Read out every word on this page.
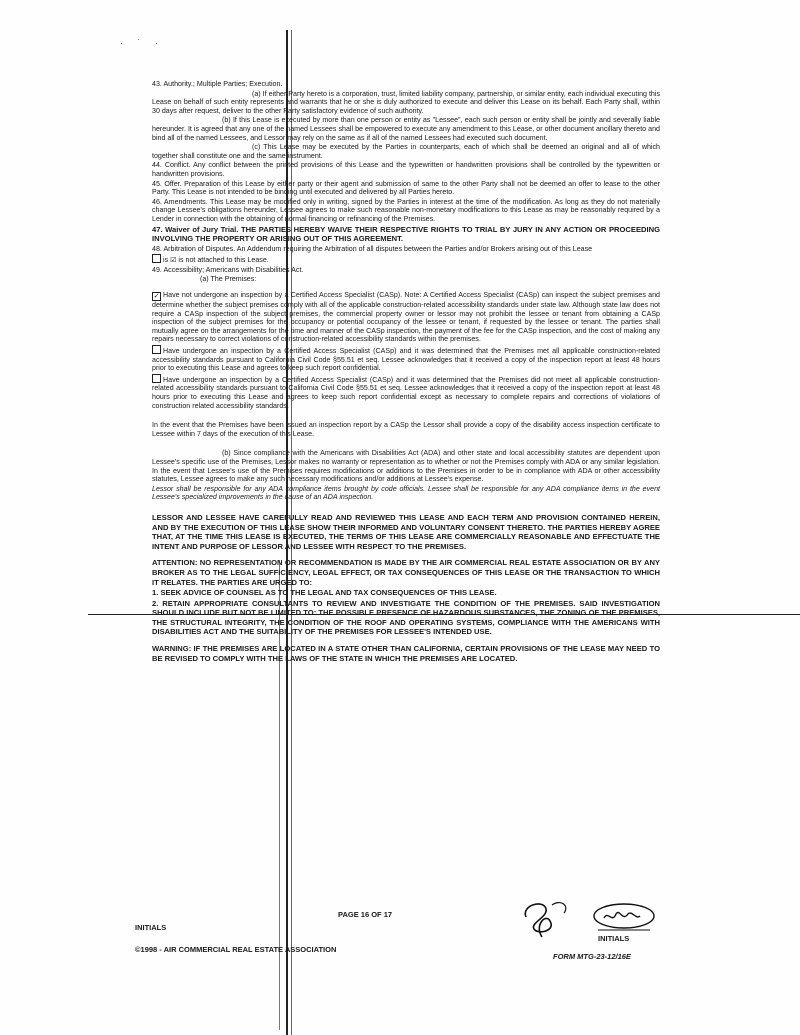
· ˙ ·

43. Authority.; Multiple Parties; Execution.

(a) If either Party hereto is a corporation, trust, limited liability company, partnership, or similar entity, each individual executing this Lease on behalf of such entity represents and warrants that he or she is duly authorized to execute and deliver this Lease on its behalf. Each Party shall, within 30 days after request, deliver to the other Party satisfactory evidence of such authority.

(b) If this Lease is executed by more than one person or entity as "Lessee", each such person or entity shall be jointly and severally liable hereunder. It is agreed that any one of the named Lessees shall be empowered to execute any amendment to this Lease, or other document ancillary thereto and bind all of the named Lessees, and Lessor may rely on the same as if all of the named Lessees had executed such document.

(c) This Lease may be executed by the Parties in counterparts, each of which shall be deemed an original and all of which together shall constitute one and the same instrument.

44. Conflict. Any conflict between the printed provisions of this Lease and the typewritten or handwritten provisions shall be controlled by the typewritten or handwritten provisions.

45. Offer. Preparation of this Lease by either party or their agent and submission of same to the other Party shall not be deemed an offer to lease to the other Party. This Lease is not intended to be binding until executed and delivered by all Parties hereto.

46. Amendments. This Lease may be modified only in writing, signed by the Parties in interest at the time of the modification. As long as they do not materially change Lessee's obligations hereunder, Lessee agrees to make such reasonable non-monetary modifications to this Lease as may be reasonably required by a Lender in connection with the obtaining of normal financing or refinancing of the Premises.

47. Waiver of Jury Trial. THE PARTIES HEREBY WAIVE THEIR RESPECTIVE RIGHTS TO TRIAL BY JURY IN ANY ACTION OR PROCEEDING INVOLVING THE PROPERTY OR ARISING OUT OF THIS AGREEMENT.

48. Arbitration of Disputes. An Addendum requiring the Arbitration of all disputes between the Parties and/or Brokers arising out of this Lease

is ☑ is not attached to this Lease.

49. Accessibility; Americans with Disabilities Act.

(a) The Premises:

✓ Have not undergone an inspection by a Certified Access Specialist (CASp). Note: A Certified Access Specialist (CASp) can inspect the subject premises and determine whether the subject premises comply with all of the applicable construction-related accessibility standards under state law. Although state law does not require a CASp inspection of the subject premises, the commercial property owner or lessor may not prohibit the lessee or tenant from obtaining a CASp inspection of the subject premises for the occupancy or potential occupancy of the lessee or tenant, if requested by the lessee or tenant. The parties shall mutually agree on the arrangements for the time and manner of the CASp inspection, the payment of the fee for the CASp inspection, and the cost of making any repairs necessary to correct violations of construction-related accessibility standards within the premises.

Have undergone an inspection by a Certified Access Specialist (CASp) and it was determined that the Premises met all applicable construction-related accessibility standards pursuant to California Civil Code §55.51 et seq. Lessee acknowledges that it received a copy of the inspection report at least 48 hours prior to executing this Lease and agrees to keep such report confidential.

Have undergone an inspection by a Certified Access Specialist (CASp) and it was determined that the Premises did not meet all applicable construction-related accessibility standards pursuant to California Civil Code §55.51 et seq. Lessee acknowledges that it received a copy of the inspection report at least 48 hours prior to executing this Lease and agrees to keep such report confidential except as necessary to complete repairs and corrections of violations of construction related accessibility standards.

In the event that the Premises have been issued an inspection report by a CASp the Lessor shall provide a copy of the disability access inspection certificate to Lessee within 7 days of the execution of this Lease.

(b) Since compliance with the Americans with Disabilities Act (ADA) and other state and local accessibility statutes are dependent upon Lessee's specific use of the Premises, Lessor makes no warranty or representation as to whether or not the Premises comply with ADA or any similar legislation. In the event that Lessee's use of the Premises requires modifications or additions to the Premises in order to be in compliance with ADA or other accessibility statutes, Lessee agrees to make any such necessary modifications and/or additions at Lessee's expense.

Lessor shall be responsible for any ADA compliance items brought by code officials. Lessee shall be responsible for any ADA compliance items in the event Lessee's specialized improvements in the cause of an ADA inspection.

LESSOR AND LESSEE HAVE CAREFULLY READ AND REVIEWED THIS LEASE AND EACH TERM AND PROVISION CONTAINED HEREIN, AND BY THE EXECUTION OF THIS LEASE SHOW THEIR INFORMED AND VOLUNTARY CONSENT THERETO. THE PARTIES HEREBY AGREE THAT, AT THE TIME THIS LEASE IS EXECUTED, THE TERMS OF THIS LEASE ARE COMMERCIALLY REASONABLE AND EFFECTUATE THE INTENT AND PURPOSE OF LESSOR AND LESSEE WITH RESPECT TO THE PREMISES.

ATTENTION: NO REPRESENTATION OR RECOMMENDATION IS MADE BY THE AIR COMMERCIAL REAL ESTATE ASSOCIATION OR BY ANY BROKER AS TO THE LEGAL SUFFICIENCY, LEGAL EFFECT, OR TAX CONSEQUENCES OF THIS LEASE OR THE TRANSACTION TO WHICH IT RELATES. THE PARTIES ARE URGED TO:

1. SEEK ADVICE OF COUNSEL AS TO THE LEGAL AND TAX CONSEQUENCES OF THIS LEASE.

2. RETAIN APPROPRIATE CONSULTANTS TO REVIEW AND INVESTIGATE THE CONDITION OF THE PREMISES. SAID INVESTIGATION SHOULD INCLUDE BUT NOT BE LIMITED TO: THE POSSIBLE PRESENCE OF HAZARDOUS SUBSTANCES, THE ZONING OF THE PREMISES, THE STRUCTURAL INTEGRITY, THE CONDITION OF THE ROOF AND OPERATING SYSTEMS, COMPLIANCE WITH THE AMERICANS WITH DISABILITIES ACT AND THE SUITABILITY OF THE PREMISES FOR LESSEE'S INTENDED USE.

WARNING: IF THE PREMISES ARE LOCATED IN A STATE OTHER THAN CALIFORNIA, CERTAIN PROVISIONS OF THE LEASE MAY NEED TO BE REVISED TO COMPLY WITH THE LAWS OF THE STATE IN WHICH THE PREMISES ARE LOCATED.

INITIALS
PAGE 16 OF 17
INITIALS
©1998 - AIR COMMERCIAL REAL ESTATE ASSOCIATION
FORM MTG-23-12/16E
